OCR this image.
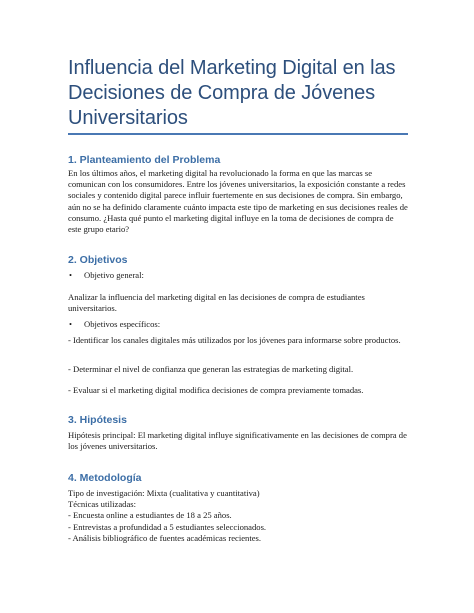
Influencia del Marketing Digital en las Decisiones de Compra de Jóvenes Universitarios
1. Planteamiento del Problema

En los últimos años, el marketing digital ha revolucionado la forma en que las marcas se comunican con los consumidores. Entre los jóvenes universitarios, la exposición constante a redes sociales y contenido digital parece influir fuertemente en sus decisiones de compra. Sin embargo, aún no se ha definido claramente cuánto impacta este tipo de marketing en sus decisiones reales de consumo. ¿Hasta qué punto el marketing digital influye en la toma de decisiones de compra de este grupo etario?

2. Objetivos
• Objetivo general:

Analizar la influencia del marketing digital en las decisiones de compra de estudiantes universitarios.

• Objetivos específicos:

- Identificar los canales digitales más utilizados por los jóvenes para informarse sobre productos.

- Determinar el nivel de confianza que generan las estrategias de marketing digital.

- Evaluar si el marketing digital modifica decisiones de compra previamente tomadas.

3. Hipótesis

Hipótesis principal: El marketing digital influye significativamente en las decisiones de compra de los jóvenes universitarios.

4. Metodología

Tipo de investigación: Mixta (cualitativa y cuantitativa)

Técnicas utilizadas:

- Encuesta online a estudiantes de 18 a 25 años.

- Entrevistas a profundidad a 5 estudiantes seleccionados.

- Análisis bibliográfico de fuentes académicas recientes.
